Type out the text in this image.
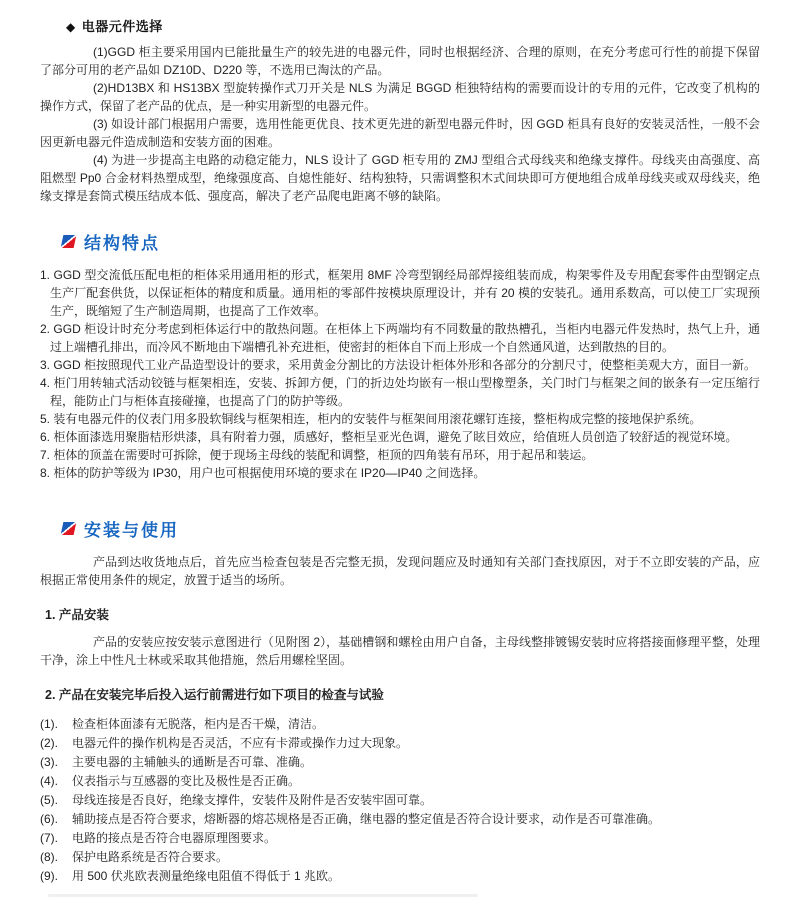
◆ 电器元件选择

(1)GGD 柜主要采用国内已能批量生产的较先进的电器元件，同时也根据经济、合理的原则，在充分考虑可行性的前提下保留了部分可用的老产品如 DZ10D、D220 等，不选用已淘汰的产品。

(2)HD13BX 和 HS13BX 型旋转操作式刀开关是 NLS 为满足 BGGD 柜独特结构的需要而设计的专用的元件，它改变了机构的操作方式，保留了老产品的优点，是一种实用新型的电器元件。

(3) 如设计部门根据用户需要，选用性能更优良、技术更先进的新型电器元件时，因 GGD 柜具有良好的安装灵活性，一般不会因更新电器元件造成制造和安装方面的困难。

(4) 为进一步提高主电路的动稳定能力，NLS 设计了 GGD 柜专用的 ZMJ 型组合式母线夹和绝缘支撑件。母线夹由高强度、高阻燃型 Pp0 合金材料热塑成型，绝缘强度高、自熄性能好、结构独特，只需调整积木式间块即可方便地组合成单母线夹或双母线夹，绝缘支撑是套筒式模压结成本低、强度高，解决了老产品爬电距离不够的缺陷。

结构特点
1. GGD 型交流低压配电柜的柜体采用通用柜的形式，框架用 8MF 冷弯型钢经局部焊接组装而成，构架零件及专用配套零件由型钢定点生产厂配套供货，以保证柜体的精度和质量。通用柜的零部件按模块原理设计，并有 20 模的安装孔。通用系数高，可以使工厂实现预生产，既缩短了生产制造周期，也提高了工作效率。
2. GGD 柜设计时充分考虑到柜体运行中的散热问题。在柜体上下两端均有不同数量的散热槽孔，当柜内电器元件发热时，热气上升，通过上端槽孔排出，而冷风不断地由下端槽孔补充进柜，使密封的柜体自下而上形成一个自然通风道，达到散热的目的。
3. GGD 柜按照现代工业产品造型设计的要求，采用黄金分割比的方法设计柜体外形和各部分的分割尺寸，使整柜美观大方，面目一新。
4. 柜门用转轴式活动铰链与框架相连，安装、拆卸方便，门的折边处均嵌有一根山型橡塑条，关门时门与框架之间的嵌条有一定压缩行程，能防止门与柜体直接碰撞，也提高了门的防护等级。
5. 装有电器元件的仪表门用多股软铜线与框架相连，柜内的安装件与框架间用滚花螺钉连接，整柜构成完整的接地保护系统。
6. 柜体面漆选用聚脂桔形烘漆，具有附着力强，质感好，整柜呈亚光色调，避免了眩目效应，给值班人员创造了较舒适的视觉环境。
7. 柜体的顶盖在需要时可拆除，便于现场主母线的装配和调整，柜顶的四角装有吊环，用于起吊和装运。
8. 柜体的防护等级为 IP30，用户也可根据使用环境的要求在 IP20—IP40 之间选择。
安装与使用

产品到达收货地点后，首先应当检查包装是否完整无损，发现问题应及时通知有关部门查找原因，对于不立即安装的产品，应根据正常使用条件的规定，放置于适当的场所。

1. 产品安装

产品的安装应按安装示意图进行（见附图 2），基础槽钢和螺栓由用户自备，主母线整排镀锡安装时应将搭接面修理平整，处理干净，涂上中性凡士林或采取其他措施，然后用螺栓坚固。

2. 产品在安装完毕后投入运行前需进行如下项目的检查与试验
(1).	检查柜体面漆有无脱落，柜内是否干燥，清洁。
(2).	电器元件的操作机构是否灵活，不应有卡滞或操作力过大现象。
(3).	主要电器的主辅触头的通断是否可靠、准确。
(4).	仪表指示与互感器的变比及极性是否正确。
(5).	母线连接是否良好，绝缘支撑件，安装件及附件是否安装牢固可靠。
(6).	辅助接点是否符合要求，熔断器的熔芯规格是否正确，继电器的整定值是否符合设计要求，动作是否可靠准确。
(7).	电路的接点是否符合电器原理图要求。
(8).	保护电路系统是否符合要求。
(9).	用 500 伏兆欧表测量绝缘电阻值不得低于 1 兆欧。
